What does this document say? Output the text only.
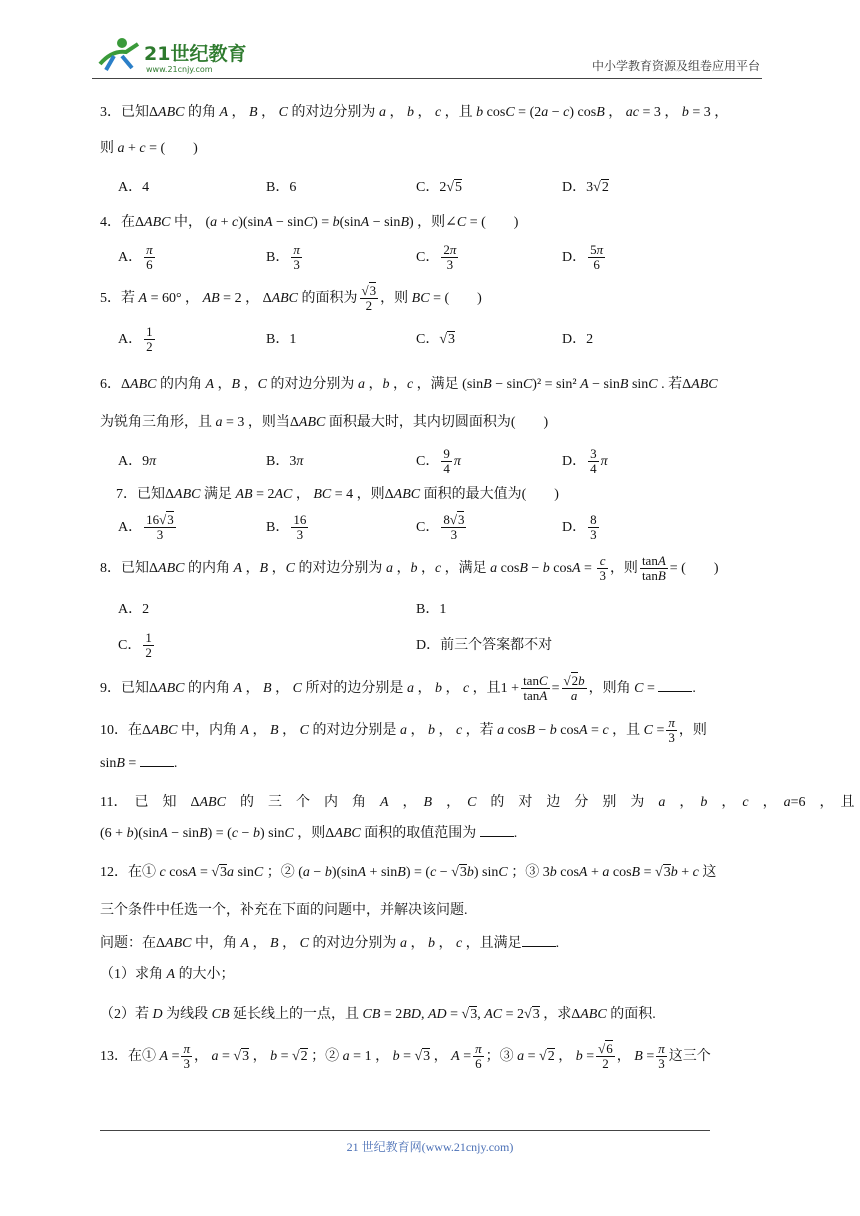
21世纪教育
www.21cnjy.com	中小学教育资源及组卷应用平台
3．已知ΔABC 的角 A ， B ， C 的对边分别为 a ， b ， c ，且 b cosC = (2a − c) cosB ， ac = 3 ， b = 3 ，
则 a + c = (　　)
A．4	B．6	C．2√5	D．3√2
4．在ΔABC 中， (a + c)(sinA − sinC) = b(sinA − sinB) ，则∠C = (　　)
A． $\frac{\pi}{6}$	B． $\frac{\pi}{3}$	C． $\frac{2\pi}{3}$	D． $\frac{5\pi}{6}$
5．若 A = 60° ， AB = 2 ， ΔABC 的面积为 $\frac{√3}{2}$ ，则 BC = (　　)
A． $\frac{1}{2}$	B．1	C．√3	D．2
6．ΔABC 的内角 A ，B ，C 的对边分别为 a ，b ，c ，满足 (sinB − sinC)² = sin² A − sinB sinC . 若ΔABC
为锐角三角形，且 a = 3 ，则当ΔABC 面积最大时，其内切圆面积为(　　)
A．9π	B．3π	C． $\frac{9}{4}$ π	D． $\frac{3}{4}$ π
7．已知ΔABC 满足 AB = 2AC ， BC = 4 ，则ΔABC 面积的最大值为(　　)
A． $\frac{16√3}{3}$	B． $\frac{16}{3}$	C． $\frac{8√3}{3}$	D． $\frac{8}{3}$
8．已知ΔABC 的内角 A ，B ，C 的对边分别为 a ，b ，c ，满足 a cosB − b $\cos A = \frac{c}{3}$ ，则 $\frac{\tan A}{\tan B}$ = (　　)
A．2	B．1
C． $\frac{1}{2}$	D．前三个答案都不对
9．已知ΔABC 的内角 A ， B ， C 所对的边分别是 a ， b ， c ，且$1 + \frac{\tan C}{\tan A} = \frac{√2b}{a}$ ，则角 C = .
10．在ΔABC 中，内角 A ， B ， C 的对边分别是 a ， b ， c ，若 a cosB − b cosA = c ，且 $C = \frac{\pi}{3}$ ，则
sinB = .
11．　已　知　ΔABC　的　三　个　内　角　A　，　B　，　C　的　对　边　分　别　为　a　，　b　，　c　，　a=6　，　且
(6 + b)(sinA − sinB) = (c − b) sinC ，则ΔABC 面积的取值范围为 .
12．在① c cosA = √3a sinC ；② (a − b)(sinA + sinB) = (c − √3b) sinC ；③ 3b cosA + a cosB = √3b + c 这
三个条件中任选一个，补充在下面的问题中，并解决该问题.
问题：在ΔABC 中，角 A ， B ， C 的对边分别为 a ， b ， c ，且满足 .
（1）求角 A 的大小；
（2）若 D 为线段 CB 延长线上的一点，且 CB = 2BD, AD = √3, AC = 2√3 ，求ΔABC 的面积.
13．在① $A = \frac{\pi}{3}$ ， a = √3 ， b = √2 ；② a = 1 ， b = √3 ， $A = \frac{\pi}{6}$ ；③ a = √2 ， $b = \frac{√6}{2}$ ， $B = \frac{\pi}{3}$ 这三个
21 世纪教育网(www.21cnjy.com)
